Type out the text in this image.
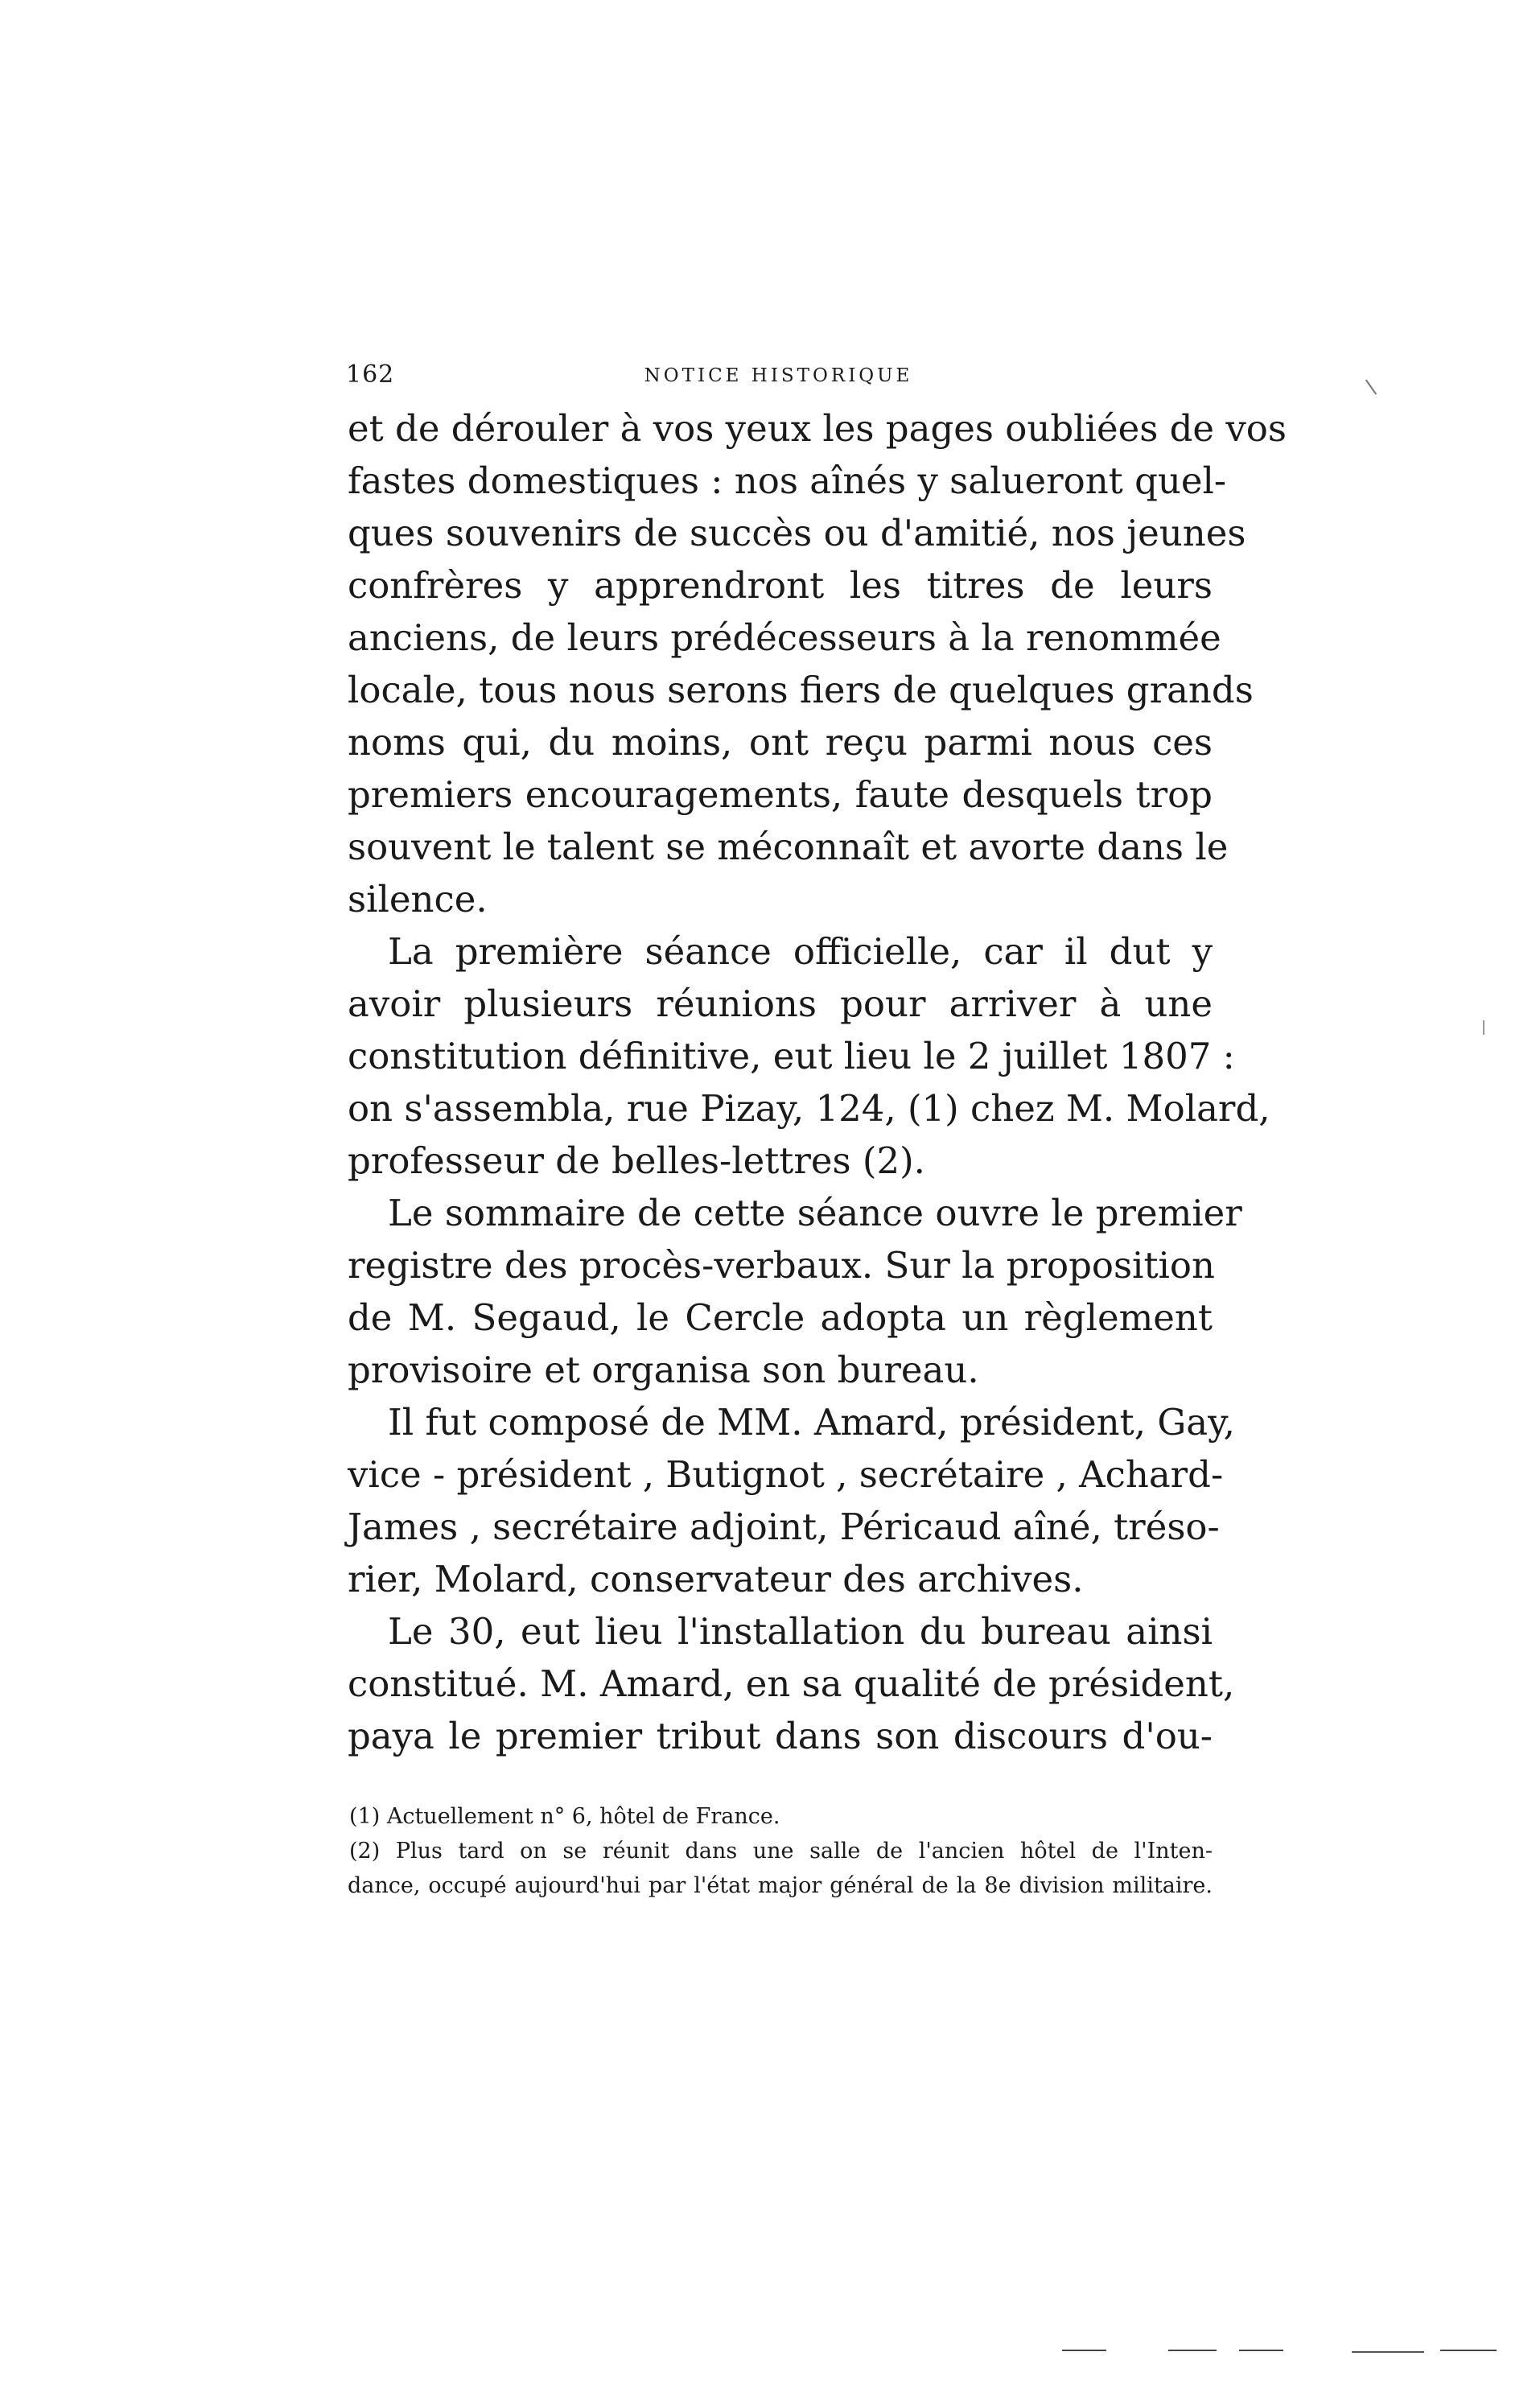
162	NOTICE HISTORIQUE
et de dérouler à vos yeux les pages oubliées de vos
fastes domestiques : nos aînés y salueront quel-
ques souvenirs de succès ou d'amitié, nos jeunes
confrères y apprendront les titres de leurs
anciens, de leurs prédécesseurs à la renommée
locale, tous nous serons fiers de quelques grands
noms qui, du moins, ont reçu parmi nous ces
premiers encouragements, faute desquels trop
souvent le talent se méconnaît et avorte dans le
silence.
La première séance officielle, car il dut y
avoir plusieurs réunions pour arriver à une
constitution définitive, eut lieu le 2 juillet 1807 :
on s'assembla, rue Pizay, 124, (1) chez M. Molard,
professeur de belles-lettres (2).
Le sommaire de cette séance ouvre le premier
registre des procès-verbaux. Sur la proposition
de M. Segaud, le Cercle adopta un règlement
provisoire et organisa son bureau.
Il fut composé de MM. Amard, président, Gay,
vice - président , Butignot , secrétaire , Achard-
James , secrétaire adjoint, Péricaud aîné, tréso-
rier, Molard, conservateur des archives.
Le 30, eut lieu l'installation du bureau ainsi
constitué. M. Amard, en sa qualité de président,
paya le premier tribut dans son discours d'ou-
(1) Actuellement n° 6, hôtel de France.
(2) Plus tard on se réunit dans une salle de l'ancien hôtel de l'Inten-
dance, occupé aujourd'hui par l'état major général de la 8e division militaire.
